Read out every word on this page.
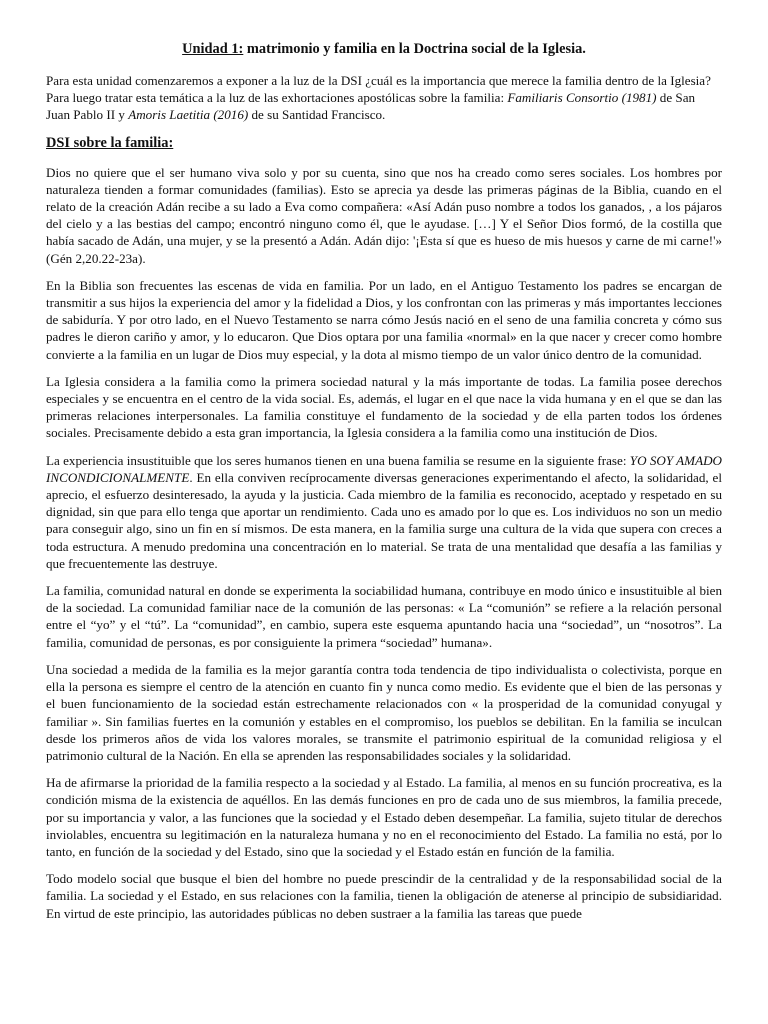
Unidad 1: matrimonio y familia en la Doctrina social de la Iglesia.

Para esta unidad comenzaremos a exponer a la luz de la DSI ¿cuál es la importancia que merece la familia dentro de la Iglesia? Para luego tratar esta temática a la luz de las exhortaciones apostólicas sobre la familia: Familiaris Consortio (1981) de San Juan Pablo II y Amoris Laetitia (2016) de su Santidad Francisco.

DSI sobre la familia:

Dios no quiere que el ser humano viva solo y por su cuenta, sino que nos ha creado como seres sociales. Los hombres por naturaleza tienden a formar comunidades (familias). Esto se aprecia ya desde las primeras páginas de la Biblia, cuando en el relato de la creación Adán recibe a su lado a Eva como compañera: «Así Adán puso nombre a todos los ganados, , a los pájaros del cielo y a las bestias del campo; encontró ninguno como él, que le ayudase. […] Y el Señor Dios formó, de la costilla que había sacado de Adán, una mujer, y se la presentó a Adán. Adán dijo: '¡Esta sí que es hueso de mis huesos y carne de mi carne!'» (Gén 2,20.22-23a).

En la Biblia son frecuentes las escenas de vida en familia. Por un lado, en el Antiguo Testamento los padres se encargan de transmitir a sus hijos la experiencia del amor y la fidelidad a Dios, y los confrontan con las primeras y más importantes lecciones de sabiduría. Y por otro lado, en el Nuevo Testamento se narra cómo Jesús nació en el seno de una familia concreta y cómo sus padres le dieron cariño y amor, y lo educaron. Que Dios optara por una familia «normal» en la que nacer y crecer como hombre convierte a la familia en un lugar de Dios muy especial, y la dota al mismo tiempo de un valor único dentro de la comunidad.

La Iglesia considera a la familia como la primera sociedad natural y la más importante de todas. La familia posee derechos especiales y se encuentra en el centro de la vida social. Es, además, el lugar en el que nace la vida humana y en el que se dan las primeras relaciones interpersonales. La familia constituye el fundamento de la sociedad y de ella parten todos los órdenes sociales. Precisamente debido a esta gran importancia, la Iglesia considera a la familia como una institución de Dios.

La experiencia insustituible que los seres humanos tienen en una buena familia se resume en la siguiente frase: YO SOY AMADO INCONDICIONALMENTE. En ella conviven recíprocamente diversas generaciones experimentando el afecto, la solidaridad, el aprecio, el esfuerzo desinteresado, la ayuda y la justicia. Cada miembro de la familia es reconocido, aceptado y respetado en su dignidad, sin que para ello tenga que aportar un rendimiento. Cada uno es amado por lo que es. Los individuos no son un medio para conseguir algo, sino un fin en sí mismos. De esta manera, en la familia surge una cultura de la vida que supera con creces a toda estructura. A menudo predomina una concentración en lo material. Se trata de una mentalidad que desafía a las familias y que frecuentemente las destruye.

La familia, comunidad natural en donde se experimenta la sociabilidad humana, contribuye en modo único e insustituible al bien de la sociedad. La comunidad familiar nace de la comunión de las personas: « La “comunión” se refiere a la relación personal entre el “yo” y el “tú”. La “comunidad”, en cambio, supera este esquema apuntando hacia una “sociedad”, un “nosotros”. La familia, comunidad de personas, es por consiguiente la primera “sociedad” humana».

Una sociedad a medida de la familia es la mejor garantía contra toda tendencia de tipo individualista o colectivista, porque en ella la persona es siempre el centro de la atención en cuanto fin y nunca como medio. Es evidente que el bien de las personas y el buen funcionamiento de la sociedad están estrechamente relacionados con « la prosperidad de la comunidad conyugal y familiar ». Sin familias fuertes en la comunión y estables en el compromiso, los pueblos se debilitan. En la familia se inculcan desde los primeros años de vida los valores morales, se transmite el patrimonio espiritual de la comunidad religiosa y el patrimonio cultural de la Nación. En ella se aprenden las responsabilidades sociales y la solidaridad.

Ha de afirmarse la prioridad de la familia respecto a la sociedad y al Estado. La familia, al menos en su función procreativa, es la condición misma de la existencia de aquéllos. En las demás funciones en pro de cada uno de sus miembros, la familia precede, por su importancia y valor, a las funciones que la sociedad y el Estado deben desempeñar. La familia, sujeto titular de derechos inviolables, encuentra su legitimación en la naturaleza humana y no en el reconocimiento del Estado. La familia no está, por lo tanto, en función de la sociedad y del Estado, sino que la sociedad y el Estado están en función de la familia.

Todo modelo social que busque el bien del hombre no puede prescindir de la centralidad y de la responsabilidad social de la familia. La sociedad y el Estado, en sus relaciones con la familia, tienen la obligación de atenerse al principio de subsidiaridad. En virtud de este principio, las autoridades públicas no deben sustraer a la familia las tareas que puede
